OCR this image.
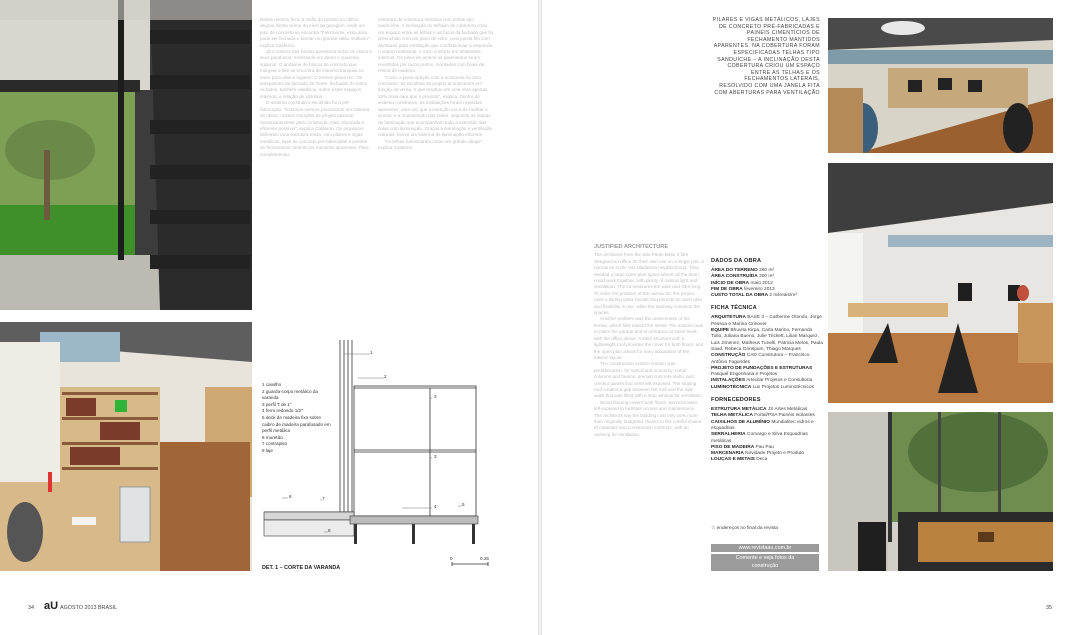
Nesse mesmo foco, a visão do acesso ao último degrau ilustra acima do nível da garagem, onde um piso de concreto se encontra "Felizmente, essa área pode ser fechada e formar um grande salão mutliuso", explica Calderon.

Já o volume dos fundos apresenta todos os ossos e seus parafusos, mostrando um dorso e quarenta superior. O andaime de blocos de concreto que margeia o lote se encontra de maneira tranquila no muro para vilas e lugares. O terreno plano rec. Os antepeitoris da fachada de frente, fechadas de todos os lados, também viabilizou, sobre estes espaços internos, a relação de vizinhos.

O sistema construtivo escolhido foi a pré-fabricação. "Estamos sempre procurando um sistema de obras, nossas soluções de projeto passam necessariamente pela construção mais otimizada e eficiente possível", explica Calderon. Os arquitetos definiram uma estrutura mista, com pilares e vigas metálicos, lajes de concreto pré-fabricadas e painéis de fechamento cimentícios mantidos aparentes. Para complementar,

estrutura de cobertura metálica com telhas tipo sanduíche. A inclinação do telhado de cobertura criou um espaço entre as telhas e as faces da fachada que foi preenchido com um pano de vidro, uma janela fita com aberturas para ventilação que conforta levar à esquerda o espaço industrial, o meio conforto em ambientes internos. Os pisos de ambos os pavimentos foram revestidos por tacos pretos, montados com finais de resina de madeira.

"Como a preocupação com a economia foi uma constante, as escolhas de projeto aconteceram em função da verba, e que resultou em uma obra apenas 15% mais cara que o previsto", explica. Dentro do sistema construtivo, as instalações foram mantidas aparentes, uma vez que a intenção era a de facilitar o acesso e a manutenção das redes, seguindo as etapas de fabricação que acompanham toda a extensão das salas com iluminação. Graças à iluminação e ventilação naturais, houve um sistema de iluminação eficiente.

"As telhas funcionaram como um grande abajur", explica Calderon.

1
2
3
3
4	5
6	7
8
1 caixilho
2 guarda-corpo metálico da varanda
3 perfil T de 1"
4 ferro redondo 1/2"
5 deck de madeira fixo sobre caibro de madeira parafusado em perfil metálico
6 muretão
7 contrapiso
8 laje
DET. 1 – CORTE DA VARANDA
0	0.25

JUSTIFIED ARCHITECTURE

The architects from the São Paulo-Base 3 firm designed an office for their own use on a single plot, a narrow lot in the Vila Madalena neighborhood. They needed a large open-plan space where all the team could work together, with plenty of natural light and ventilation. The lot measures 8m wide and 33m long. To solve the problem of the narrow lot, the project uses a sliding glass facade that permits an open plan and flexibility in use, while the stairway connects the spaces.

Another problem was the unevenness of the terrain, which falls toward the street. The solution was to place the garage and an entrance at street level, with the office above. A steel structure with a lightweight roof provides the cover for both floors, and the open plan allows for easy adaptation of the interior layout.

The construction system chosen was prefabrication, for speed and economy: metal columns and beams, precast concrete slabs, and cement panels that were left exposed. The sloping roof created a gap between the roof and the side walls that was filled with a strip window for ventilation.

Wood flooring covers both floors. Services were left exposed to facilitate access and maintenance. The architects say the building cost only 15% more than originally budgeted, thanks to the careful choice of materials and construction methods, with an opening for ventilation.

PILARES E VIGAS METÁLICOS, LAJES DE CONCRETO PRÉ-FABRICADAS E PAINÉIS CIMENTÍCIOS DE FECHAMENTO MANTIDOS APARENTES. NA COBERTURA FORAM ESPECIFICADAS TELHAS TIPO SANDUÍCHE – A INCLINAÇÃO DESTA COBERTURA CRIOU UM ESPAÇO ENTRE AS TELHAS E OS FECHAMENTOS LATERAIS, RESOLVIDO COM UMA JANELA FITA COM ABERTURAS PARA VENTILAÇÃO
DADOS DA OBRA

ÁREA DO TERRENO 260 m²

ÁREA CONSTRUÍDA 200 m²

INÍCIO DE OBRA maio 2012

FIM DE OBRA fevereiro 2013

CUSTO TOTAL DA OBRA 2 milreais/m²

FICHA TÉCNICA

ARQUITETURA BASE 3 – Catherine Otondo, Jorge Pessoa e Marina Grinover

EQUIPE Bhuvita Kirpa, Carla Marino, Fernando Tulio, Juliana Bueno, Julie Trickett, Lilian Marquez, Luis Jimenez, Matheus Tunelli, Patricia Melos, Paula Saad, Rebeca Grinspum, Thiago Marques

CONSTRUÇÃO CAD Construtora – Francisco Antônio Fagundes

PROJETO DE FUNDAÇÕES E ESTRUTURAS Pasquel Engenharia e Projetos

INSTALAÇÕES Artecilar Projetos e Consultoria

LUMINOTÉCNICA Lux Projetos Luminotécnicos

FORNECEDORES

ESTRUTURA METÁLICA JS Artes Metálicas

TELHA METÁLICA Fortal/PSA Painéis Isolantes

CAIXILHOS DE ALUMÍNIO Mundialitec vidros e esquadrias

SERRALHERIA Comargo e Silva Esquadrias metálicas

PISO DE MADEIRA Pau Pau

MARCENARIA Novidade Projeto e Produto

LOUÇAS E METAIS Deca

☆ endereços no final da revista
www.revistaau.com.br
Comente e veja fotos da construção
34 aU AGOSTO 2013 BRASIL	35
